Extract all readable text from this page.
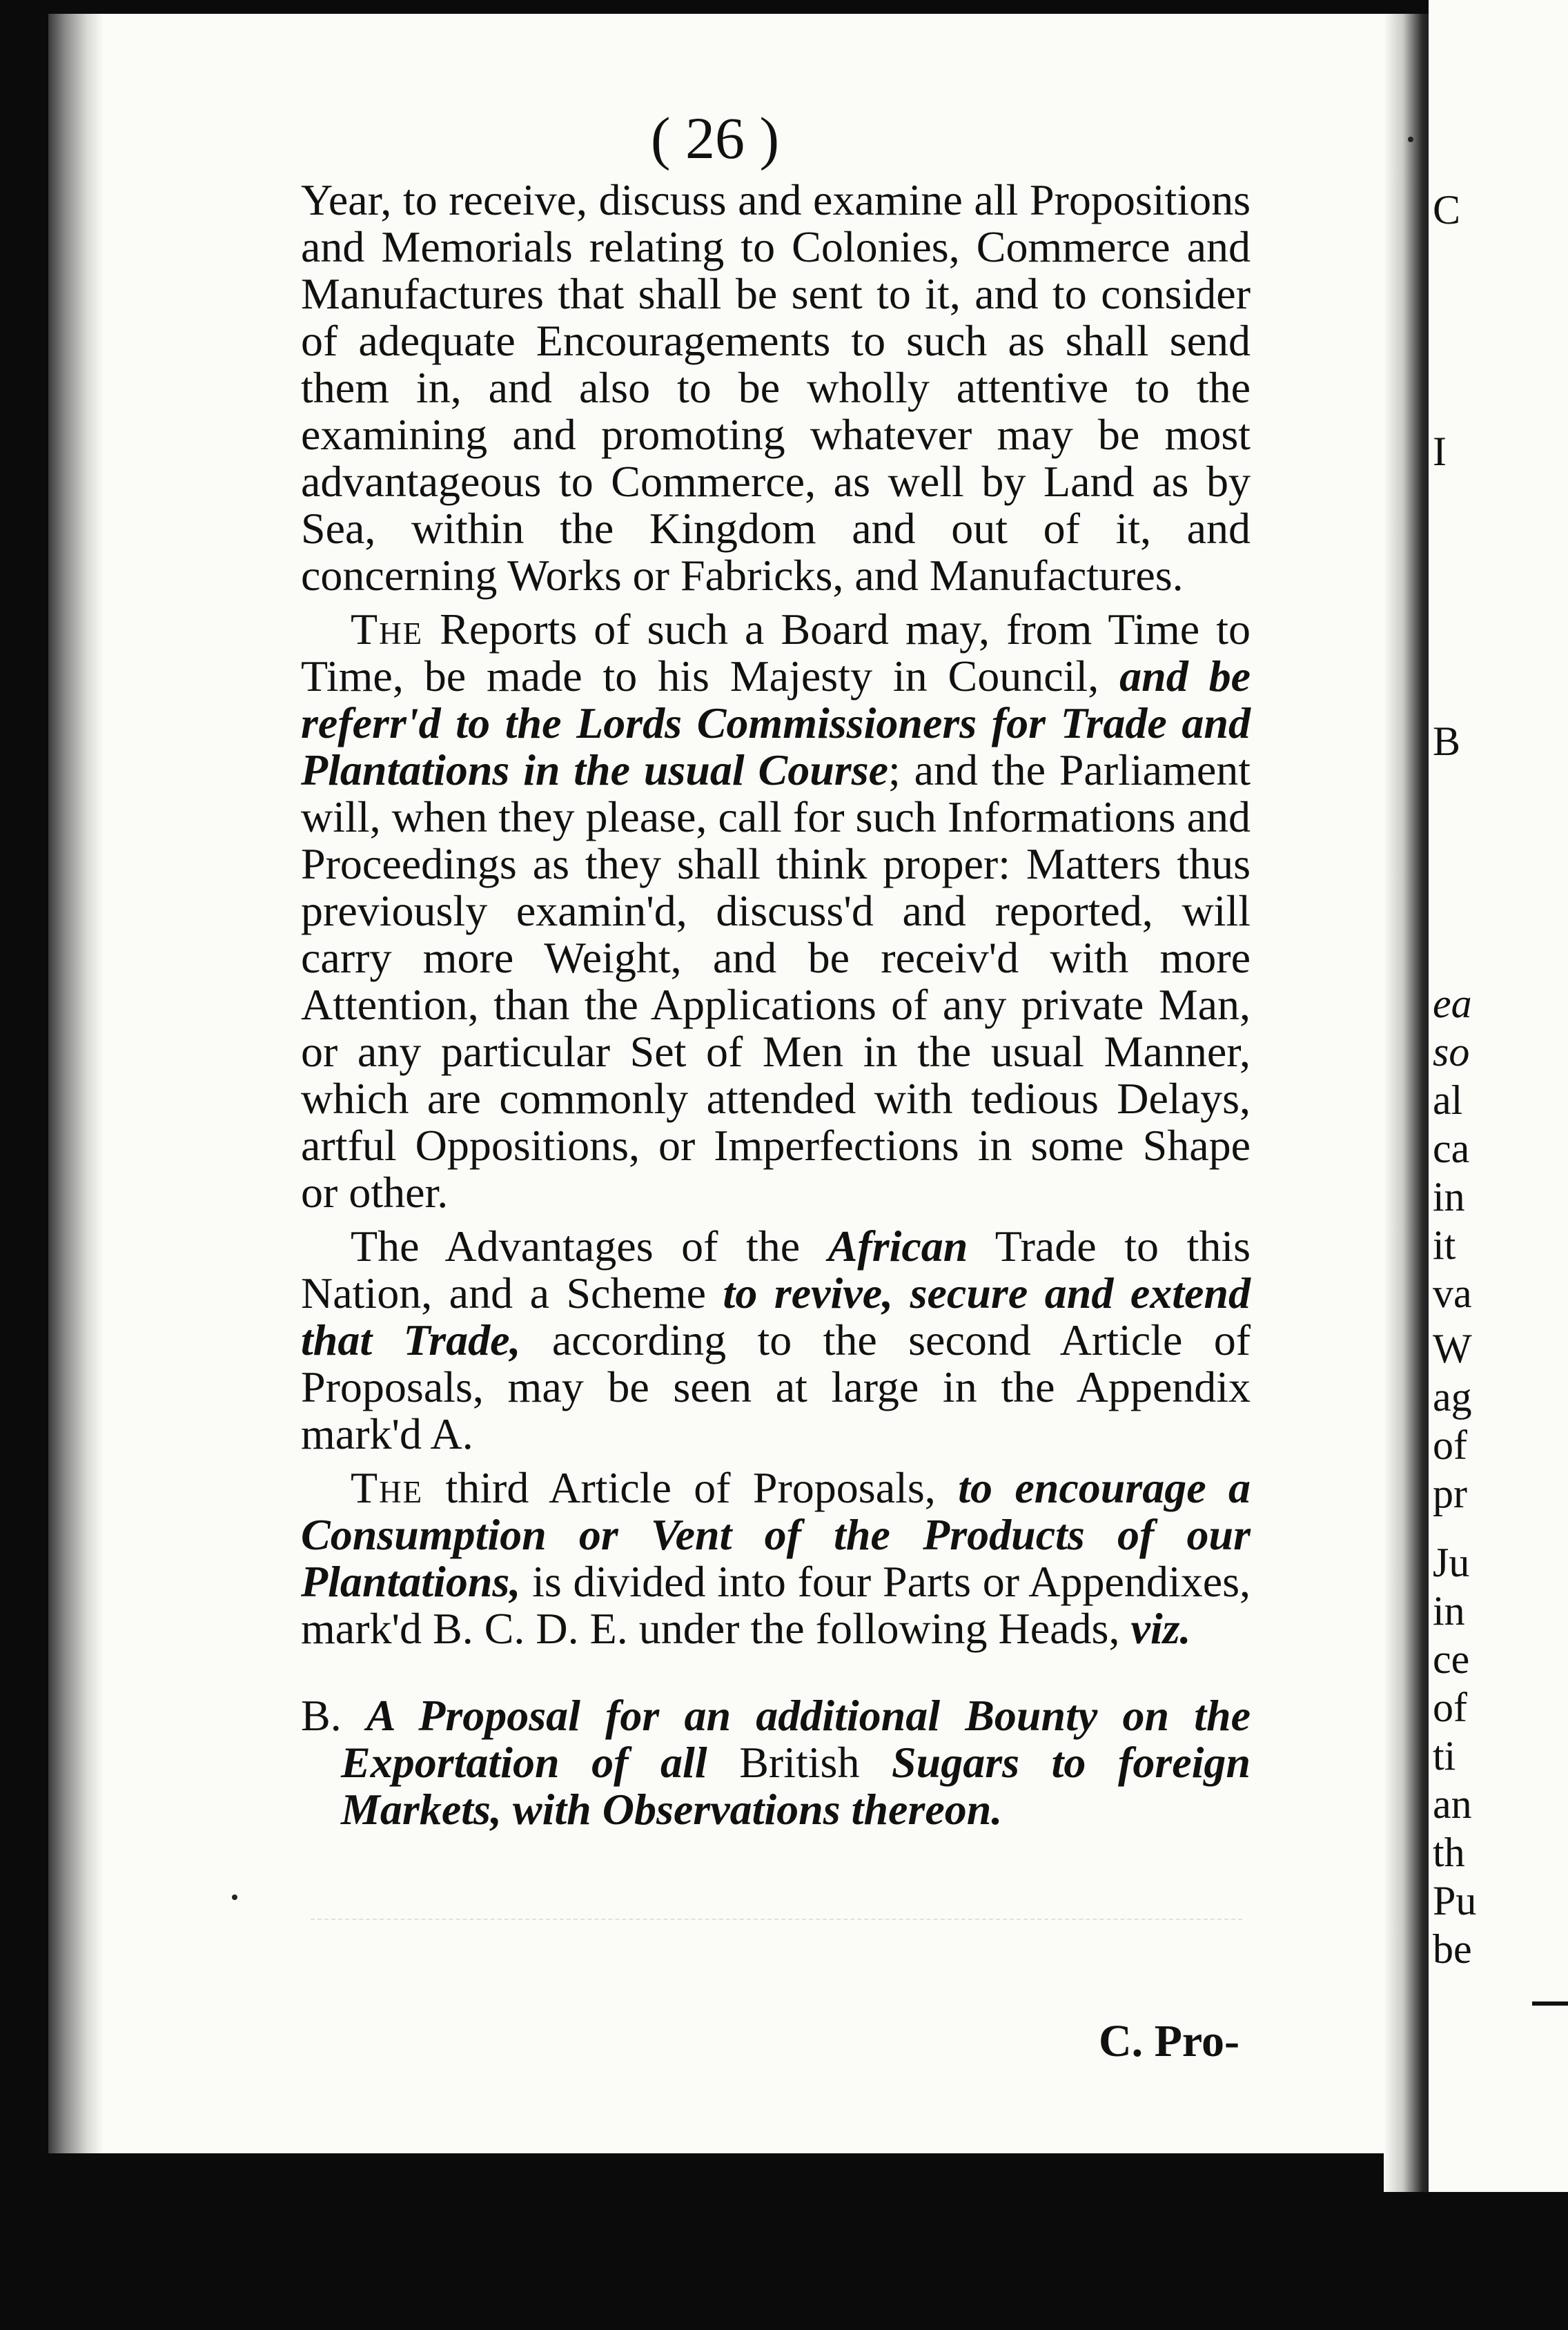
C
I
B
ea
so
al
ca
in
it
va
W
ag
of
pr
Ju
in
ce
of
ti
an
th
Pu
be
( 26 )

Year, to receive, discuss and examine all Propositions and Memorials relating to Colonies, Commerce and Manufactures that shall be sent to it, and to consider of adequate Encouragements to such as shall send them in, and also to be wholly attentive to the examining and promoting whatever may be most advantageous to Commerce, as well by Land as by Sea, within the Kingdom and out of it, and concerning Works or Fabricks, and Manufactures.

The Reports of such a Board may, from Time to Time, be made to his Majesty in Council, and be referr'd to the Lords Commissioners for Trade and Plantations in the usual Course; and the Parliament will, when they please, call for such Informations and Proceedings as they shall think proper: Matters thus previously examin'd, discuss'd and reported, will carry more Weight, and be receiv'd with more Attention, than the Applications of any private Man, or any particular Set of Men in the usual Manner, which are commonly attended with tedious Delays, artful Oppositions, or Imperfections in some Shape or other.

The Advantages of the African Trade to this Nation, and a Scheme to revive, secure and extend that Trade, according to the second Article of Proposals, may be seen at large in the Appendix mark'd A.

The third Article of Proposals, to encourage a Consumption or Vent of the Products of our Plantations, is divided into four Parts or Appendixes, mark'd B. C. D. E. under the following Heads, viz.

B. A Proposal for an additional Bounty on the Exportation of all British Sugars to foreign Markets, with Observations thereon.

C. Pro-
